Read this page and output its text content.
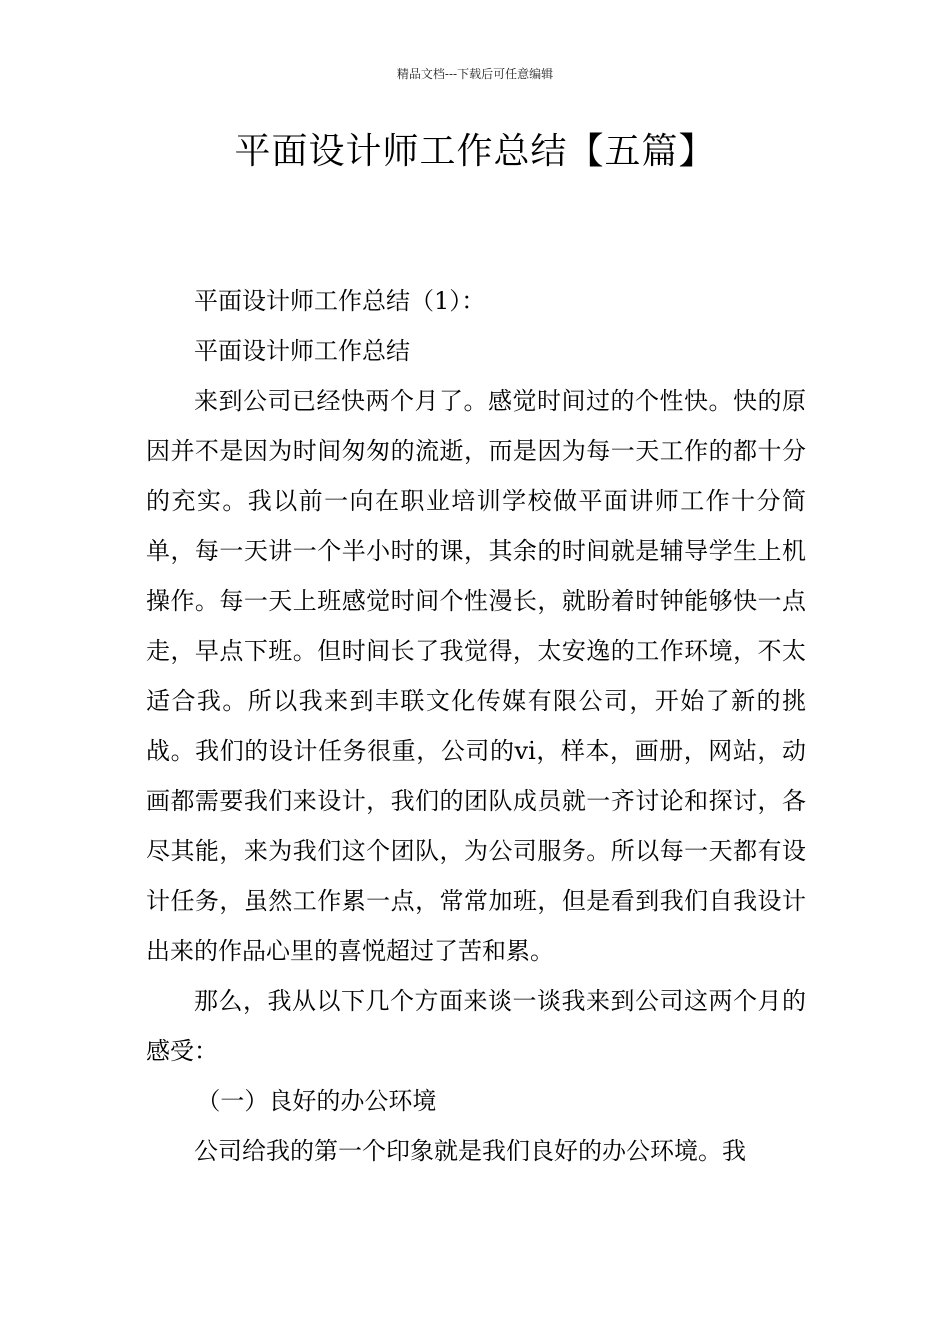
精品文档---下载后可任意编辑
平面设计师工作总结【五篇】

平面设计师工作总结（1）：

平面设计师工作总结

来到公司已经快两个月了。感觉时间过的个性快。快的原因并不是因为时间匆匆的流逝，而是因为每一天工作的都十分的充实。我以前一向在职业培训学校做平面讲师工作十分简单，每一天讲一个半小时的课，其余的时间就是辅导学生上机操作。每一天上班感觉时间个性漫长，就盼着时钟能够快一点走，早点下班。但时间长了我觉得，太安逸的工作环境，不太适合我。所以我来到丰联文化传媒有限公司，开始了新的挑战。我们的设计任务很重，公司的vi，样本，画册，网站，动画都需要我们来设计，我们的团队成员就一齐讨论和探讨，各尽其能，来为我们这个团队，为公司服务。所以每一天都有设计任务，虽然工作累一点，常常加班，但是看到我们自我设计出来的作品心里的喜悦超过了苦和累。

那么，我从以下几个方面来谈一谈我来到公司这两个月的感受：

（一）良好的办公环境

公司给我的第一个印象就是我们良好的办公环境。我
